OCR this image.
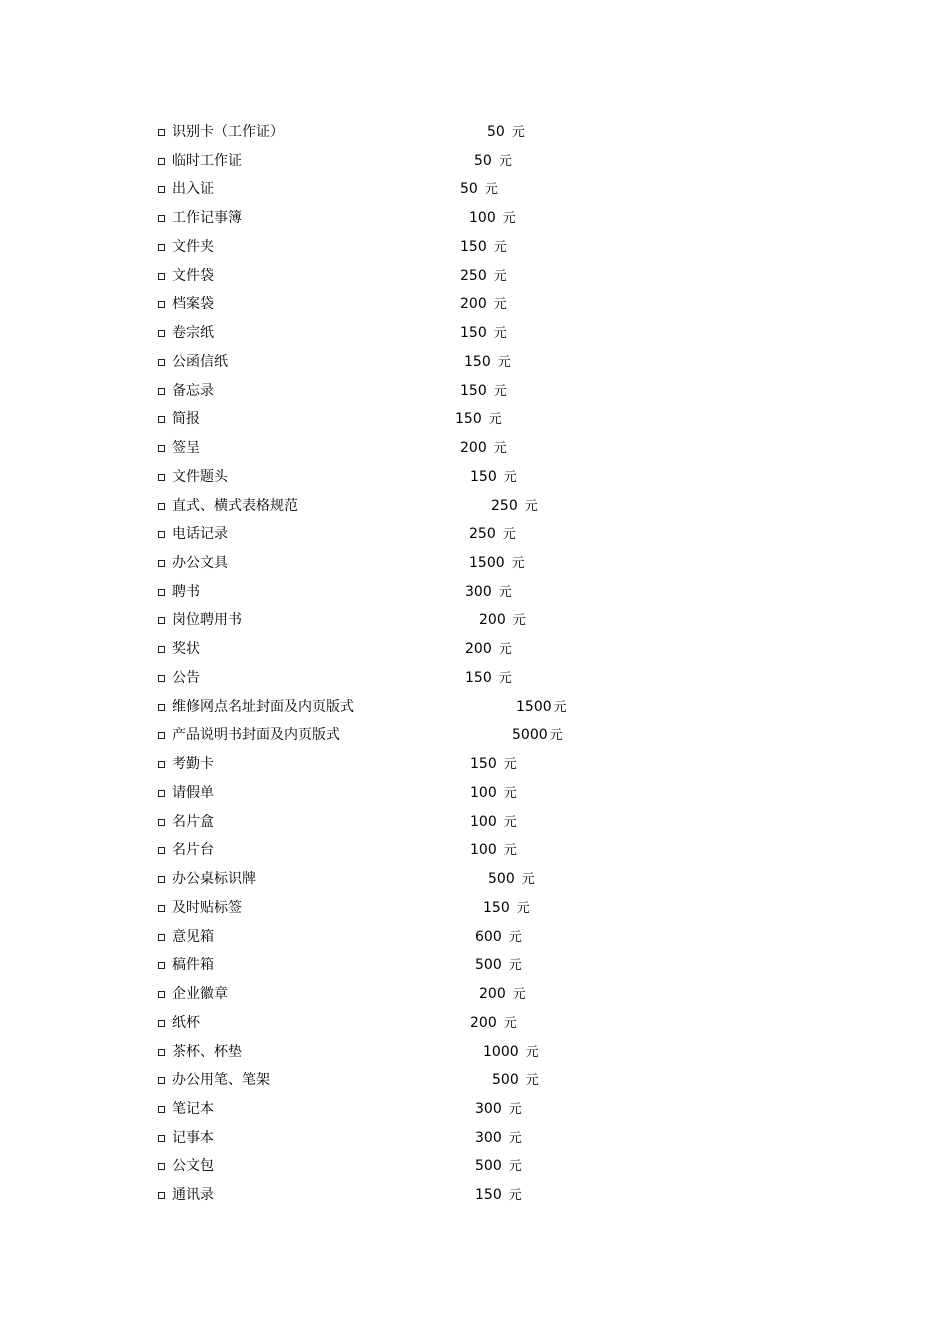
识别卡（工作证）	50 元
临时工作证	50 元
出入证	50 元
工作记事簿	100 元
文件夹	150 元
文件袋	250 元
档案袋	200 元
卷宗纸	150 元
公函信纸	150 元
备忘录	150 元
简报	150 元
签呈	200 元
文件题头	150 元
直式、横式表格规范	250 元
电话记录	250 元
办公文具	1500 元
聘书	300 元
岗位聘用书	200 元
奖状	200 元
公告	150 元
维修网点名址封面及内页版式	1500 元
产品说明书封面及内页版式	5000 元
考勤卡	150 元
请假单	100 元
名片盒	100 元
名片台	100 元
办公桌标识牌	500 元
及时贴标签	150 元
意见箱	600 元
稿件箱	500 元
企业徽章	200 元
纸杯	200 元
茶杯、杯垫	1000 元
办公用笔、笔架	500 元
笔记本	300 元
记事本	300 元
公文包	500 元
通讯录	150 元
